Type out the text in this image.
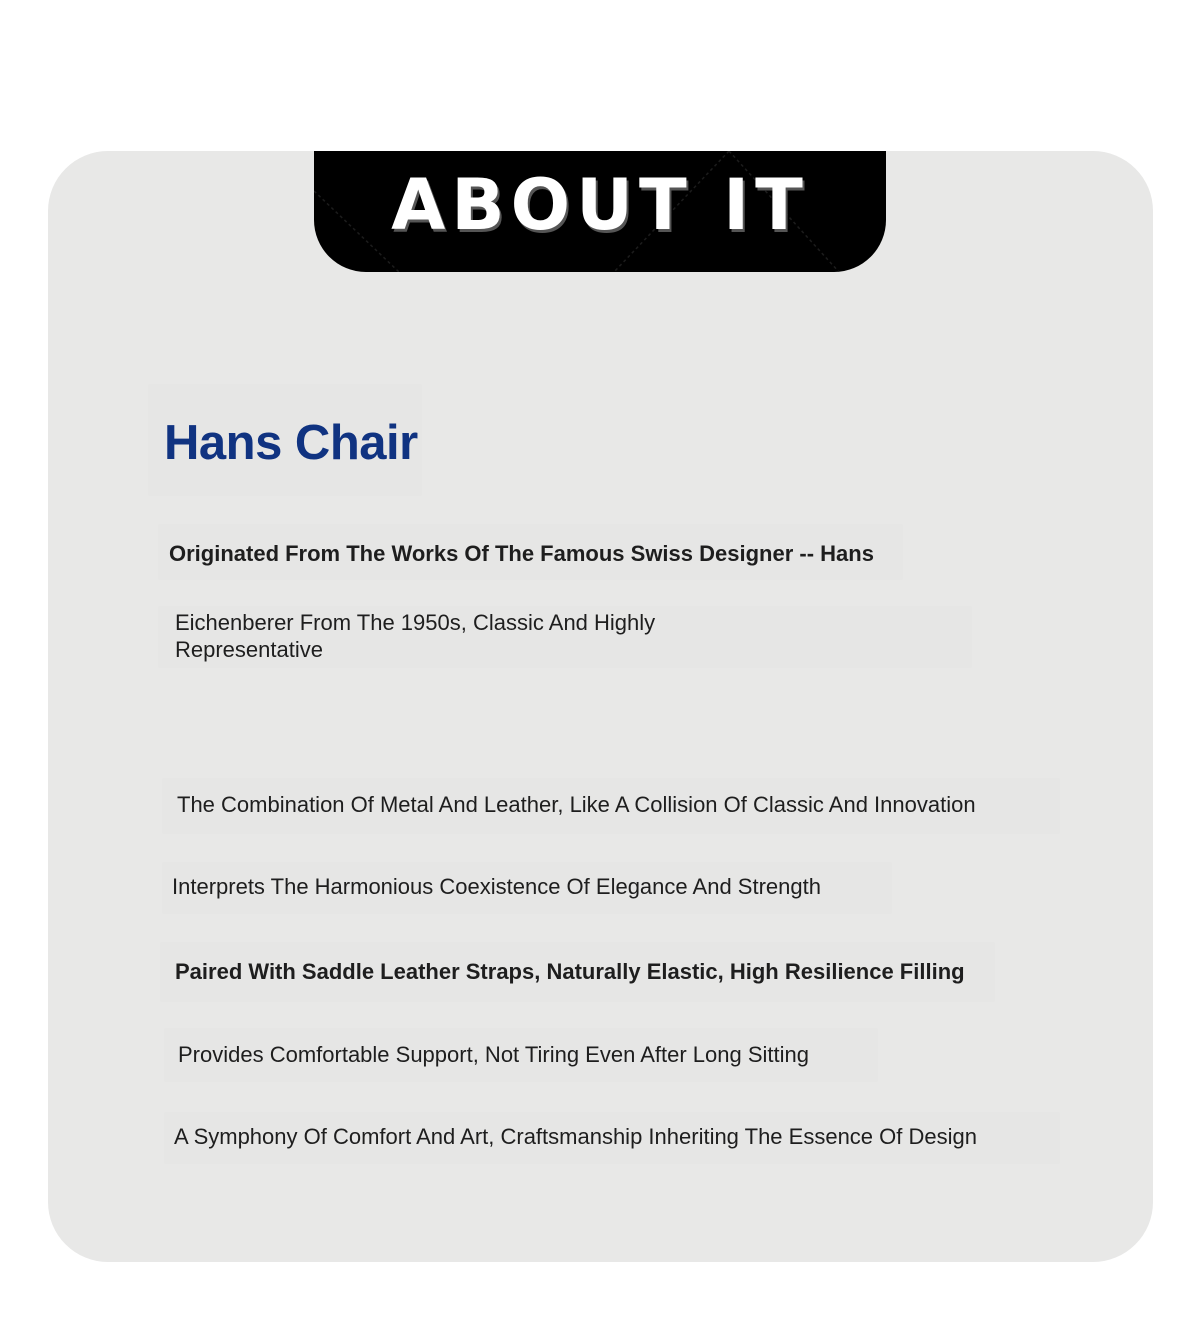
ABOUT IT
Hans Chair
Originated From The Works Of The Famous Swiss Designer -- Hans
Eichenberer From The 1950s, Classic And Highly Representative
The Combination Of Metal And Leather, Like A Collision Of Classic And Innovation
Interprets The Harmonious Coexistence Of Elegance And Strength
Paired With Saddle Leather Straps, Naturally Elastic, High Resilience Filling
Provides Comfortable Support, Not Tiring Even After Long Sitting
A Symphony Of Comfort And Art, Craftsmanship Inheriting The Essence Of Design
